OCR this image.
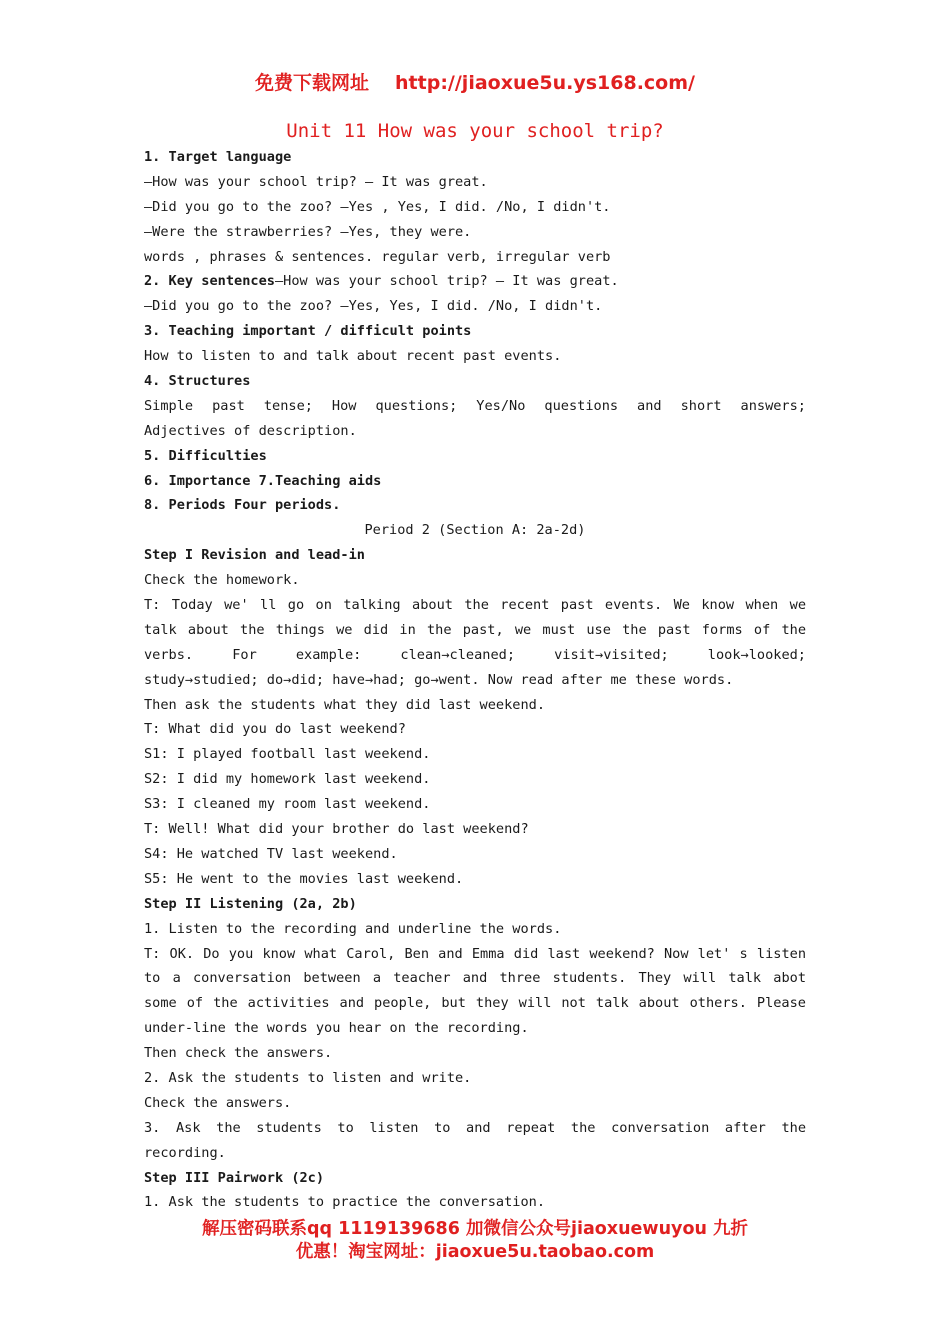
免费下载网址 http://jiaoxue5u.ys168.com/
Unit 11 How was your school trip?
1. Target language
—How was your school trip? — It was great.
—Did you go to the zoo? —Yes , Yes, I did. /No, I didn't.
—Were the strawberries? —Yes, they were.
words , phrases & sentences. regular verb, irregular verb
2. Key sentences—How was your school trip? — It was great.
—Did you go to the zoo? —Yes, Yes, I did. /No, I didn't.
3. Teaching important / difficult points
How to listen to and talk about recent past events.
4. Structures
Simple past tense; How questions; Yes/No questions and short answers;
Adjectives of description.
5. Difficulties
6. Importance 7.Teaching aids
8. Periods Four periods.
Period 2 (Section A: 2a-2d)
Step I Revision and lead-in
Check the homework.
T: Today we' ll go on talking about the recent past events. We know when we
talk about the things we did in the past, we must use the past forms of the
verbs. For example: clean→cleaned; visit→visited; look→looked;
study→studied; do→did; have→had; go→went. Now read after me these words.
Then ask the students what they did last weekend.
T: What did you do last weekend?
S1: I played football last weekend.
S2: I did my homework last weekend.
S3: I cleaned my room last weekend.
T: Well! What did your brother do last weekend?
S4: He watched TV last weekend.
S5: He went to the movies last weekend.
Step II Listening (2a, 2b)
1. Listen to the recording and underline the words.
T: OK. Do you know what Carol, Ben and Emma did last weekend? Now let' s listen
to a conversation between a teacher and three students. They will talk abot
some of the activities and people, but they will not talk about others. Please
under-line the words you hear on the recording.
Then check the answers.
2. Ask the students to listen and write.
Check the answers.
3. Ask the students to listen to and repeat the conversation after the
recording.
Step III Pairwork (2c)
1. Ask the students to practice the conversation.
解压密码联系qq 1119139686 加微信公众号jiaoxuewuyou 九折
优惠！淘宝网址：jiaoxue5u.taobao.com
